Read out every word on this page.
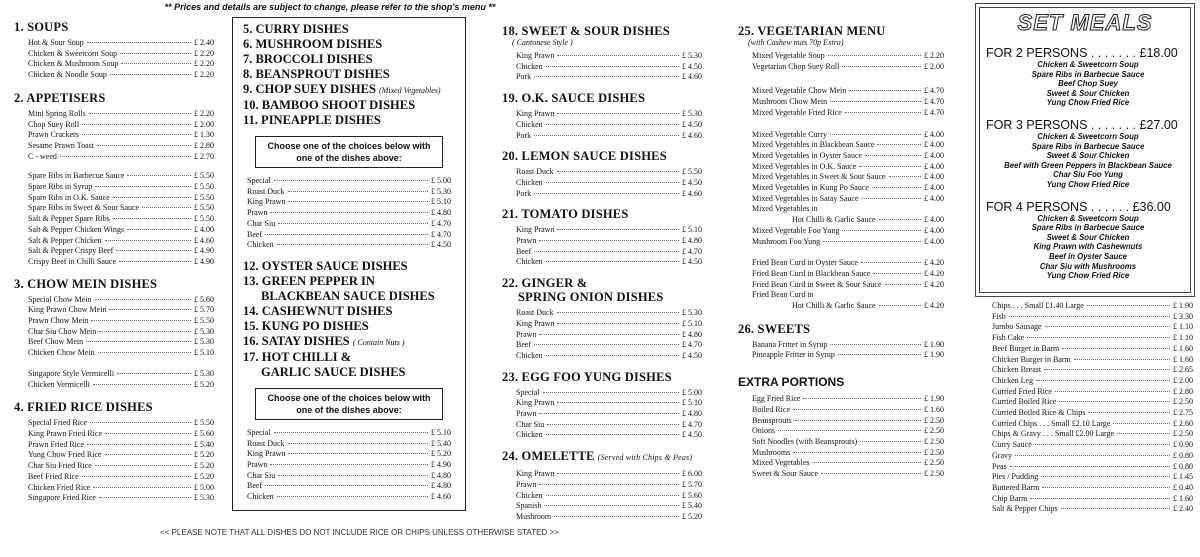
** Prices and details are subject to change, please refer to the shop's menu **
1. SOUPS
Hot & Sour Soup	£ 2.40
Chicken & Sweetcorn Soup	£ 2.20
Chicken & Mushroom Soup	£ 2.20
Chicken & Noodle Soup	£ 2.20
2. APPETISERS
Mini Spring Rolls	£ 2.20
Chop Suey Roll	£ 2.00
Prawn Crackers	£ 1.30
Sesame Prawn Toast	£ 2.80
C - weed	£ 2.70
Spare Ribs in Barbecue Sauce	£ 5.50
Spare Ribs in Syrup	£ 5.50
Spare Ribs in O.K. Sauce	£ 5.50
Spare Ribs in Sweet & Sour Sauce	£ 5.50
Salt & Pepper Spare Ribs	£ 5.50
Salt & Pepper Chicken Wings	£ 4.00
Salt & Pepper Chicken	£ 4.60
Salt & Pepper Crispy Beef	£ 4.90
Crispy Beef in Chilli Sauce	£ 4.90
3. CHOW MEIN DISHES
Special Chow Mein	£ 5.60
King Prawn Chow Mein	£ 5.70
Prawn Chow Mein	£ 5.50
Char Siu Chow Mein	£ 5.30
Beef Chow Mein	£ 5.30
Chicken Chow Mein	£ 5.10
Singapore Style Vermicelli	£ 5.30
Chicken Vermicelli	£ 5.20
4. FRIED RICE DISHES
Special Fried Rice	£ 5.50
King Prawn Fried Rice	£ 5.60
Prawn Fried Rice	£ 5.40
Yung Chow Fried Rice	£ 5.20
Char Siu Fried Rice	£ 5.20
Beef Fried Rice	£ 5.20
Chicken Fried Rice	£ 5.00
Singapore Fried Rice	£ 5.30
5. CURRY DISHES
6. MUSHROOM DISHES
7. BROCCOLI DISHES
8. BEANSPROUT DISHES
9. CHOP SUEY DISHES (Mixed Vegetables)
10. BAMBOO SHOOT DISHES
11. PINEAPPLE DISHES
Choose one of the choices below with one of the dishes above:
Special	£ 5.00
Roast Duck	£ 5.30
King Prawn	£ 5.10
Prawn	£ 4.80
Char Siu	£ 4.70
Beef	£ 4.70
Chicken	£ 4.50
12. OYSTER SAUCE DISHES
13. GREEN PEPPER IN
BLACKBEAN SAUCE DISHES
14. CASHEWNUT DISHES
15. KUNG PO DISHES
16. SATAY DISHES ( Contain Nuts )
17. HOT CHILLI &
GARLIC SAUCE DISHES
Choose one of the choices below with one of the dishes above:
Special	£ 5.10
Roast Duck	£ 5.40
King Prawn	£ 5.20
Prawn	£ 4.90
Char Siu	£ 4.80
Beef	£ 4.80
Chicken	£ 4.60
18. SWEET & SOUR DISHES
( Cantonese Style )
King Prawn	£ 5.30
Chicken	£ 4.50
Pork	£ 4.60
19. O.K. SAUCE DISHES
King Prawn	£ 5.30
Chicken	£ 4.50
Pork	£ 4.60
20. LEMON SAUCE DISHES
Roast Duck	£ 5.50
Chicken	£ 4.50
Pork	£ 4.60
21. TOMATO DISHES
King Prawn	£ 5.10
Prawn	£ 4.80
Beef	£ 4.70
Chicken	£ 4.50
22. GINGER &
SPRING ONION DISHES
Roast Duck	£ 5.30
King Prawn	£ 5.10
Prawn	£ 4.80
Beef	£ 4.70
Chicken	£ 4.50
23. EGG FOO YUNG DISHES
Special	£ 5.00
King Prawn	£ 5.10
Prawn	£ 4.80
Char Siu	£ 4.70
Chicken	£ 4.50
24. OMELETTE (Served with Chips & Peas)
King Prawn	£ 6.00
Prawn	£ 5.70
Chicken	£ 5.60
Spanish	£ 5.40
Mushroom	£ 5.20
25. VEGETARIAN MENU
(with Cashew nuts 70p Extra)
Mixed Vegetable Soup	£ 2.20
Vegetarian Chop Suey Roll	£ 2.00
Mixed Vegetable Chow Mein	£ 4.70
Mushroom Chow Mein	£ 4.70
Mixed Vegetable Fried Rice	£ 4.70
Mixed Vegetable Curry	£ 4.00
Mixed Vegetables in Blackbean Sauce	£ 4.00
Mixed Vegetables in Oyster Sauce	£ 4.00
Mixed Vegetables in O.K. Sauce	£ 4.00
Mixed Vegetables in Sweet & Sour Sauce	£ 4.00
Mixed Vegetables in Kung Po Sauce	£ 4.00
Mixed Vegetables in Satay Sauce	£ 4.00
Mixed Vegetables in
Hot Chilli & Garlic Sauce	£ 4.00
Mixed Vegetable Foo Yung	£ 4.00
Mushroom Foo Yung	£ 4.00
Fried Bean Curd in Oyster Sauce	£ 4.20
Fried Bean Curd in Blackbean Sauce	£ 4.20
Fried Bean Curd in Sweet & Sour Sauce	£ 4.20
Fried Bean Curd in
Hot Chilli & Garlic Sauce	£ 4.20
26. SWEETS
Banana Fritter in Syrup	£ 1.90
Pineapple Fritter in Syrup	£ 1.90
EXTRA PORTIONS
Egg Fried Rice	£ 1.90
Boiled Rice	£ 1.60
Beansprouts	£ 2.50
Onions	£ 2.50
Soft Noodles (with Beansprouts)	£ 2.50
Mushrooms	£ 2.50
Mixed Vegetables	£ 2.50
Sweet & Sour Sauce	£ 2.50
SET MEALS
FOR 2 PERSONS . . . . . . . £18.00
Chicken & Sweetcorn Soup
Spare Ribs in Barbecue Sauce
Beef Chop Suey
Sweet & Sour Chicken
Yung Chow Fried Rice
FOR 3 PERSONS . . . . . . . £27.00
Chicken & Sweetcorn Soup
Spare Ribs in Barbecue Sauce
Sweet & Sour Chicken
Beef with Green Peppers in Blackbean Sauce
Char Siu Foo Yung
Yung Chow Fried Rice
FOR 4 PERSONS . . . . . . £36.00
Chicken & Sweetcorn Soup
Spare Ribs in Barbecue Sauce
Sweet & Sour Chicken
King Prawn with Cashewnuts
Beef in Oyster Sauce
Char Siu with Mushrooms
Yung Chow Fried Rice
Chips . . . Small £1.40 Large	£ 1.90
Fish	£ 3.30
Jumbo Sausage	£ 1.10
Fish Cake	£ 1.10
Beef Burger in Barm	£ 1.60
Chicken Burger in Barm	£ 1.60
Chicken Breast	£ 2.65
Chicken Leg	£ 2.00
Curried Fried Rice	£ 2.80
Curried Boiled Rice	£ 2.50
Curried Boiled Rice & Chips	£ 2.75
Curried Chips . . . Small £2.10 Large	£ 2.60
Chips & Gravy . . . Small £2.00 Large	£ 2.50
Curry Sauce	£ 0.90
Gravy	£ 0.80
Peas	£ 0.80
Pies / Pudding	£ 1.45
Buttered Barm	£ 0.40
Chip Barm	£ 1.60
Salt & Pepper Chips	£ 2.40
<< PLEASE NOTE THAT ALL DISHES DO NOT INCLUDE RICE OR CHIPS UNLESS OTHERWISE STATED >>
